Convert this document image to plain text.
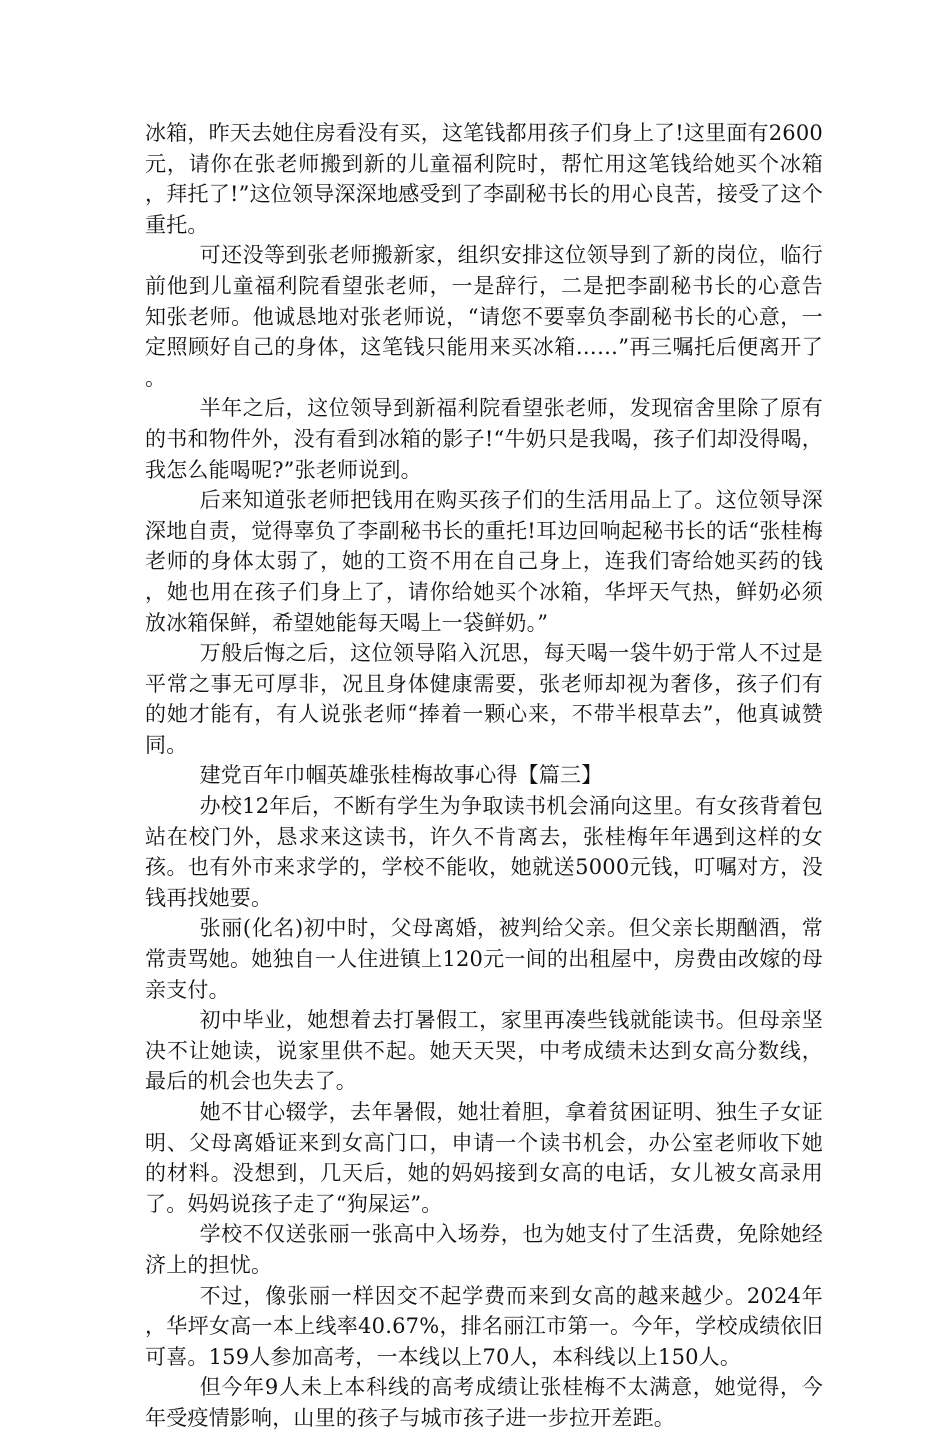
冰箱，昨天去她住房看没有买，这笔钱都用孩子们身上了!这里面有2600元，请你在张老师搬到新的儿童福利院时，帮忙用这笔钱给她买个冰箱，拜托了!”这位领导深深地感受到了李副秘书长的用心良苦，接受了这个重托。

可还没等到张老师搬新家，组织安排这位领导到了新的岗位，临行前他到儿童福利院看望张老师，一是辞行，二是把李副秘书长的心意告知张老师。他诚恳地对张老师说，“请您不要辜负李副秘书长的心意，一定照顾好自己的身体，这笔钱只能用来买冰箱……”再三嘱托后便离开了。

半年之后，这位领导到新福利院看望张老师，发现宿舍里除了原有的书和物件外，没有看到冰箱的影子!“牛奶只是我喝，孩子们却没得喝，我怎么能喝呢?”张老师说到。

后来知道张老师把钱用在购买孩子们的生活用品上了。这位领导深深地自责，觉得辜负了李副秘书长的重托!耳边回响起秘书长的话“张桂梅老师的身体太弱了，她的工资不用在自己身上，连我们寄给她买药的钱，她也用在孩子们身上了，请你给她买个冰箱，华坪天气热，鲜奶必须放冰箱保鲜，希望她能每天喝上一袋鲜奶。”

万般后悔之后，这位领导陷入沉思，每天喝一袋牛奶于常人不过是平常之事无可厚非，况且身体健康需要，张老师却视为奢侈，孩子们有的她才能有，有人说张老师“捧着一颗心来，不带半根草去”，他真诚赞同。

建党百年巾帼英雄张桂梅故事心得【篇三】

办校12年后，不断有学生为争取读书机会涌向这里。有女孩背着包站在校门外，恳求来这读书，许久不肯离去，张桂梅年年遇到这样的女孩。也有外市来求学的，学校不能收，她就送5000元钱，叮嘱对方，没钱再找她要。

张丽(化名)初中时，父母离婚，被判给父亲。但父亲长期酗酒，常常责骂她。她独自一人住进镇上120元一间的出租屋中，房费由改嫁的母亲支付。

初中毕业，她想着去打暑假工，家里再凑些钱就能读书。但母亲坚决不让她读，说家里供不起。她天天哭，中考成绩未达到女高分数线，最后的机会也失去了。

她不甘心辍学，去年暑假，她壮着胆，拿着贫困证明、独生子女证明、父母离婚证来到女高门口，申请一个读书机会，办公室老师收下她的材料。没想到，几天后，她的妈妈接到女高的电话，女儿被女高录用了。妈妈说孩子走了“狗屎运”。

学校不仅送张丽一张高中入场券，也为她支付了生活费，免除她经济上的担忧。

不过，像张丽一样因交不起学费而来到女高的越来越少。2024年，华坪女高一本上线率40.67%，排名丽江市第一。今年，学校成绩依旧可喜。159人参加高考，一本线以上70人，本科线以上150人。

但今年9人未上本科线的高考成绩让张桂梅不太满意，她觉得，今年受疫情影响，山里的孩子与城市孩子进一步拉开差距。
